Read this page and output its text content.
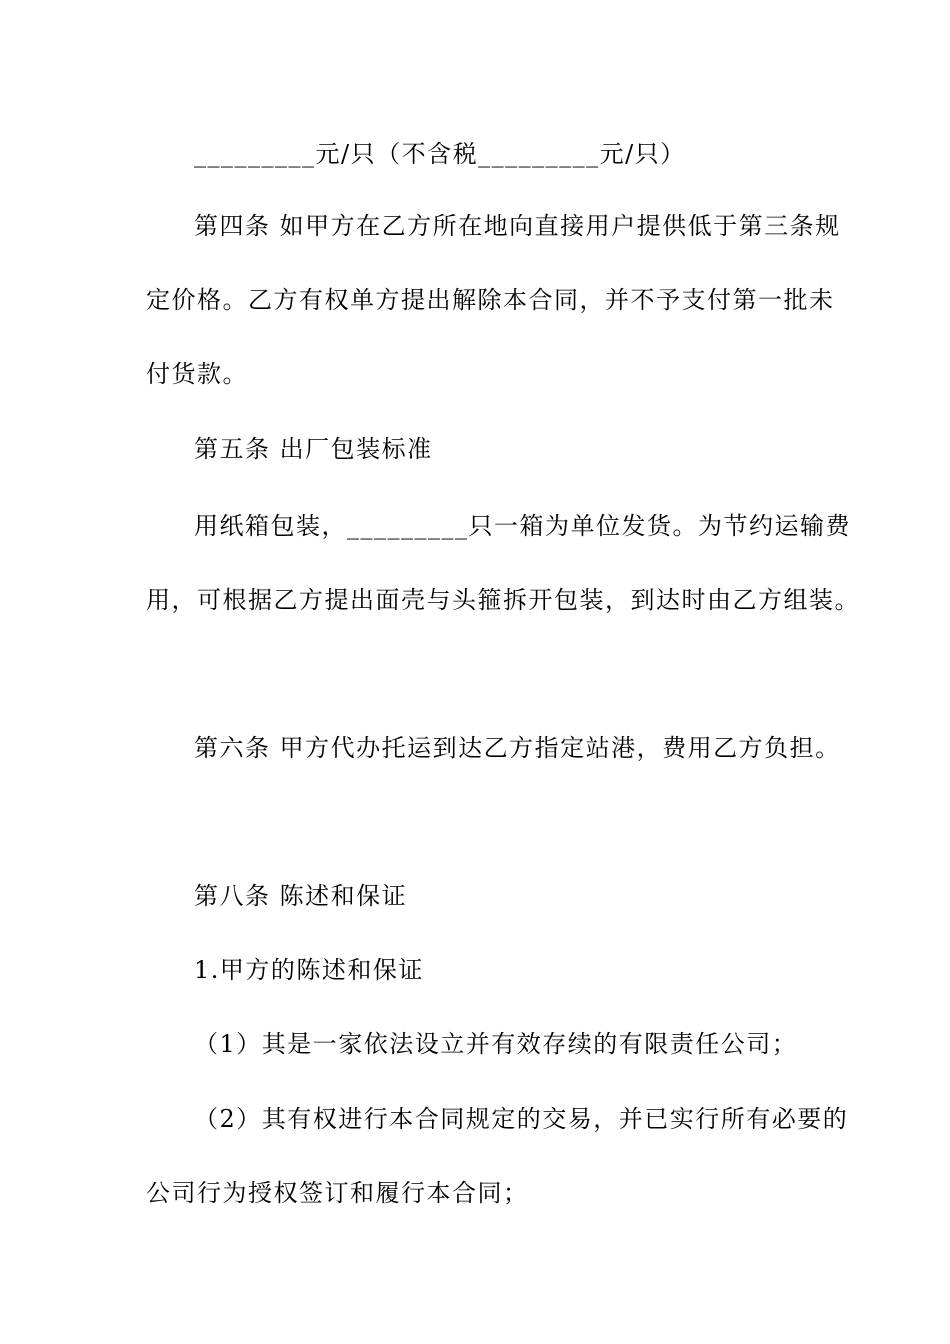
_________元/只（不含税_________元/只）
第四条 如甲方在乙方所在地向直接用户提供低于第三条规
定价格。乙方有权单方提出解除本合同，并不予支付第一批未
付货款。
第五条 出厂包装标准
用纸箱包装，_________只一箱为单位发货。为节约运输费
用，可根据乙方提出面壳与头箍拆开包装，到达时由乙方组装。
第六条 甲方代办托运到达乙方指定站港，费用乙方负担。
第八条 陈述和保证
1.甲方的陈述和保证
（1）其是一家依法设立并有效存续的有限责任公司；
（2）其有权进行本合同规定的交易，并已实行所有必要的
公司行为授权签订和履行本合同；
